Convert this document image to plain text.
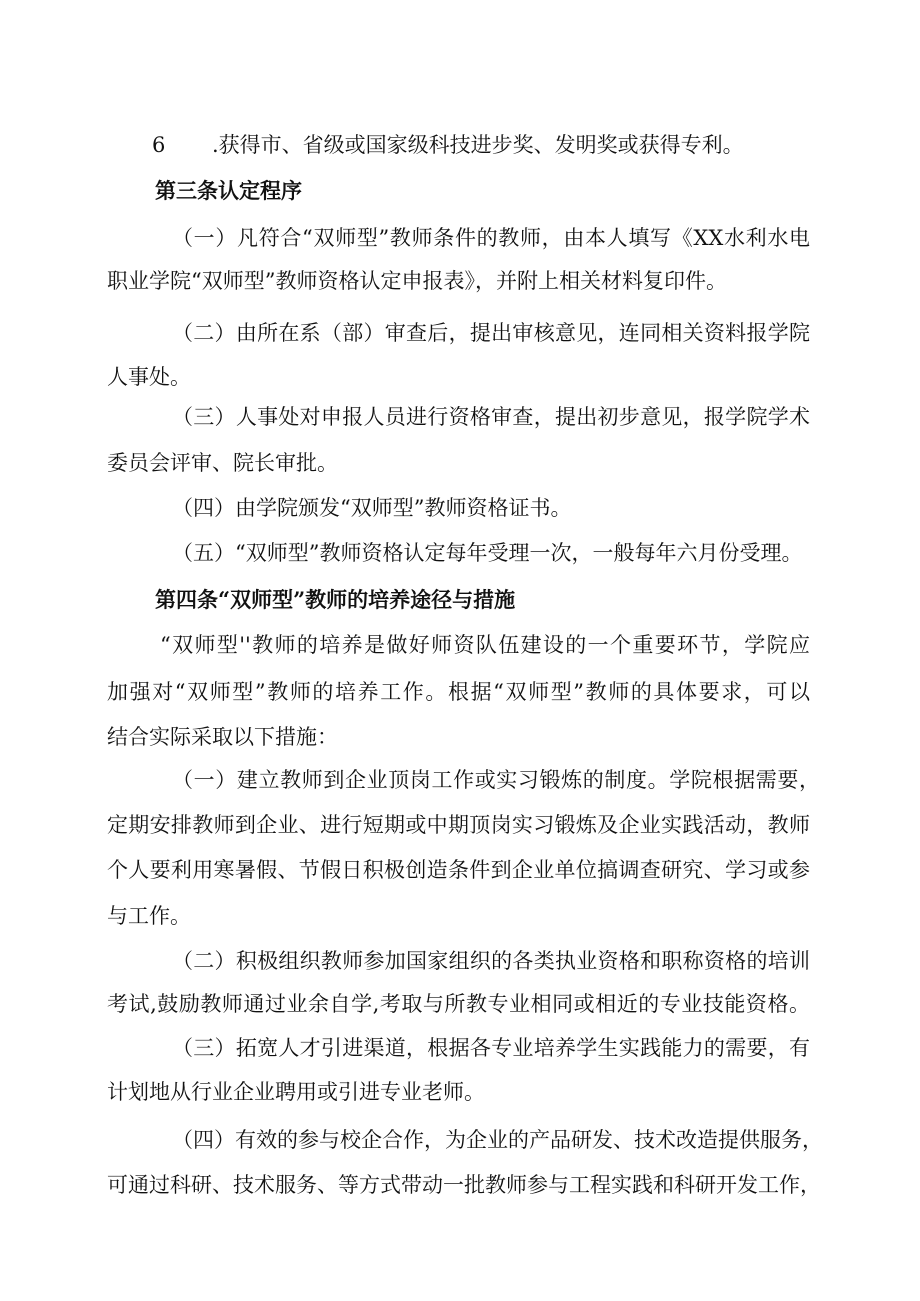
6 .获得市、省级或国家级科技进步奖、发明奖或获得专利。
第三条认定程序
（一）凡符合“双师型”教师条件的教师，由本人填写《XX水利水电
职业学院“双师型”教师资格认定申报表》，并附上相关材料复印件。
（二）由所在系（部）审查后，提出审核意见，连同相关资料报学院
人事处。
（三）人事处对申报人员进行资格审查，提出初步意见，报学院学术
委员会评审、院长审批。
（四）由学院颁发“双师型”教师资格证书。
（五）“双师型”教师资格认定每年受理一次，一般每年六月份受理。
第四条“双师型”教师的培养途径与措施
“双师型''教师的培养是做好师资队伍建设的一个重要环节，学院应
加强对“双师型”教师的培养工作。根据“双师型”教师的具体要求，可以
结合实际采取以下措施：
（一）建立教师到企业顶岗工作或实习锻炼的制度。学院根据需要，
定期安排教师到企业、进行短期或中期顶岗实习锻炼及企业实践活动，教师
个人要利用寒暑假、节假日积极创造条件到企业单位搞调查研究、学习或参
与工作。
（二）积极组织教师参加国家组织的各类执业资格和职称资格的培训
考试,鼓励教师通过业余自学,考取与所教专业相同或相近的专业技能资格。
（三）拓宽人才引进渠道，根据各专业培养学生实践能力的需要，有
计划地从行业企业聘用或引进专业老师。
（四）有效的参与校企合作，为企业的产品研发、技术改造提供服务，
可通过科研、技术服务、等方式带动一批教师参与工程实践和科研开发工作，
